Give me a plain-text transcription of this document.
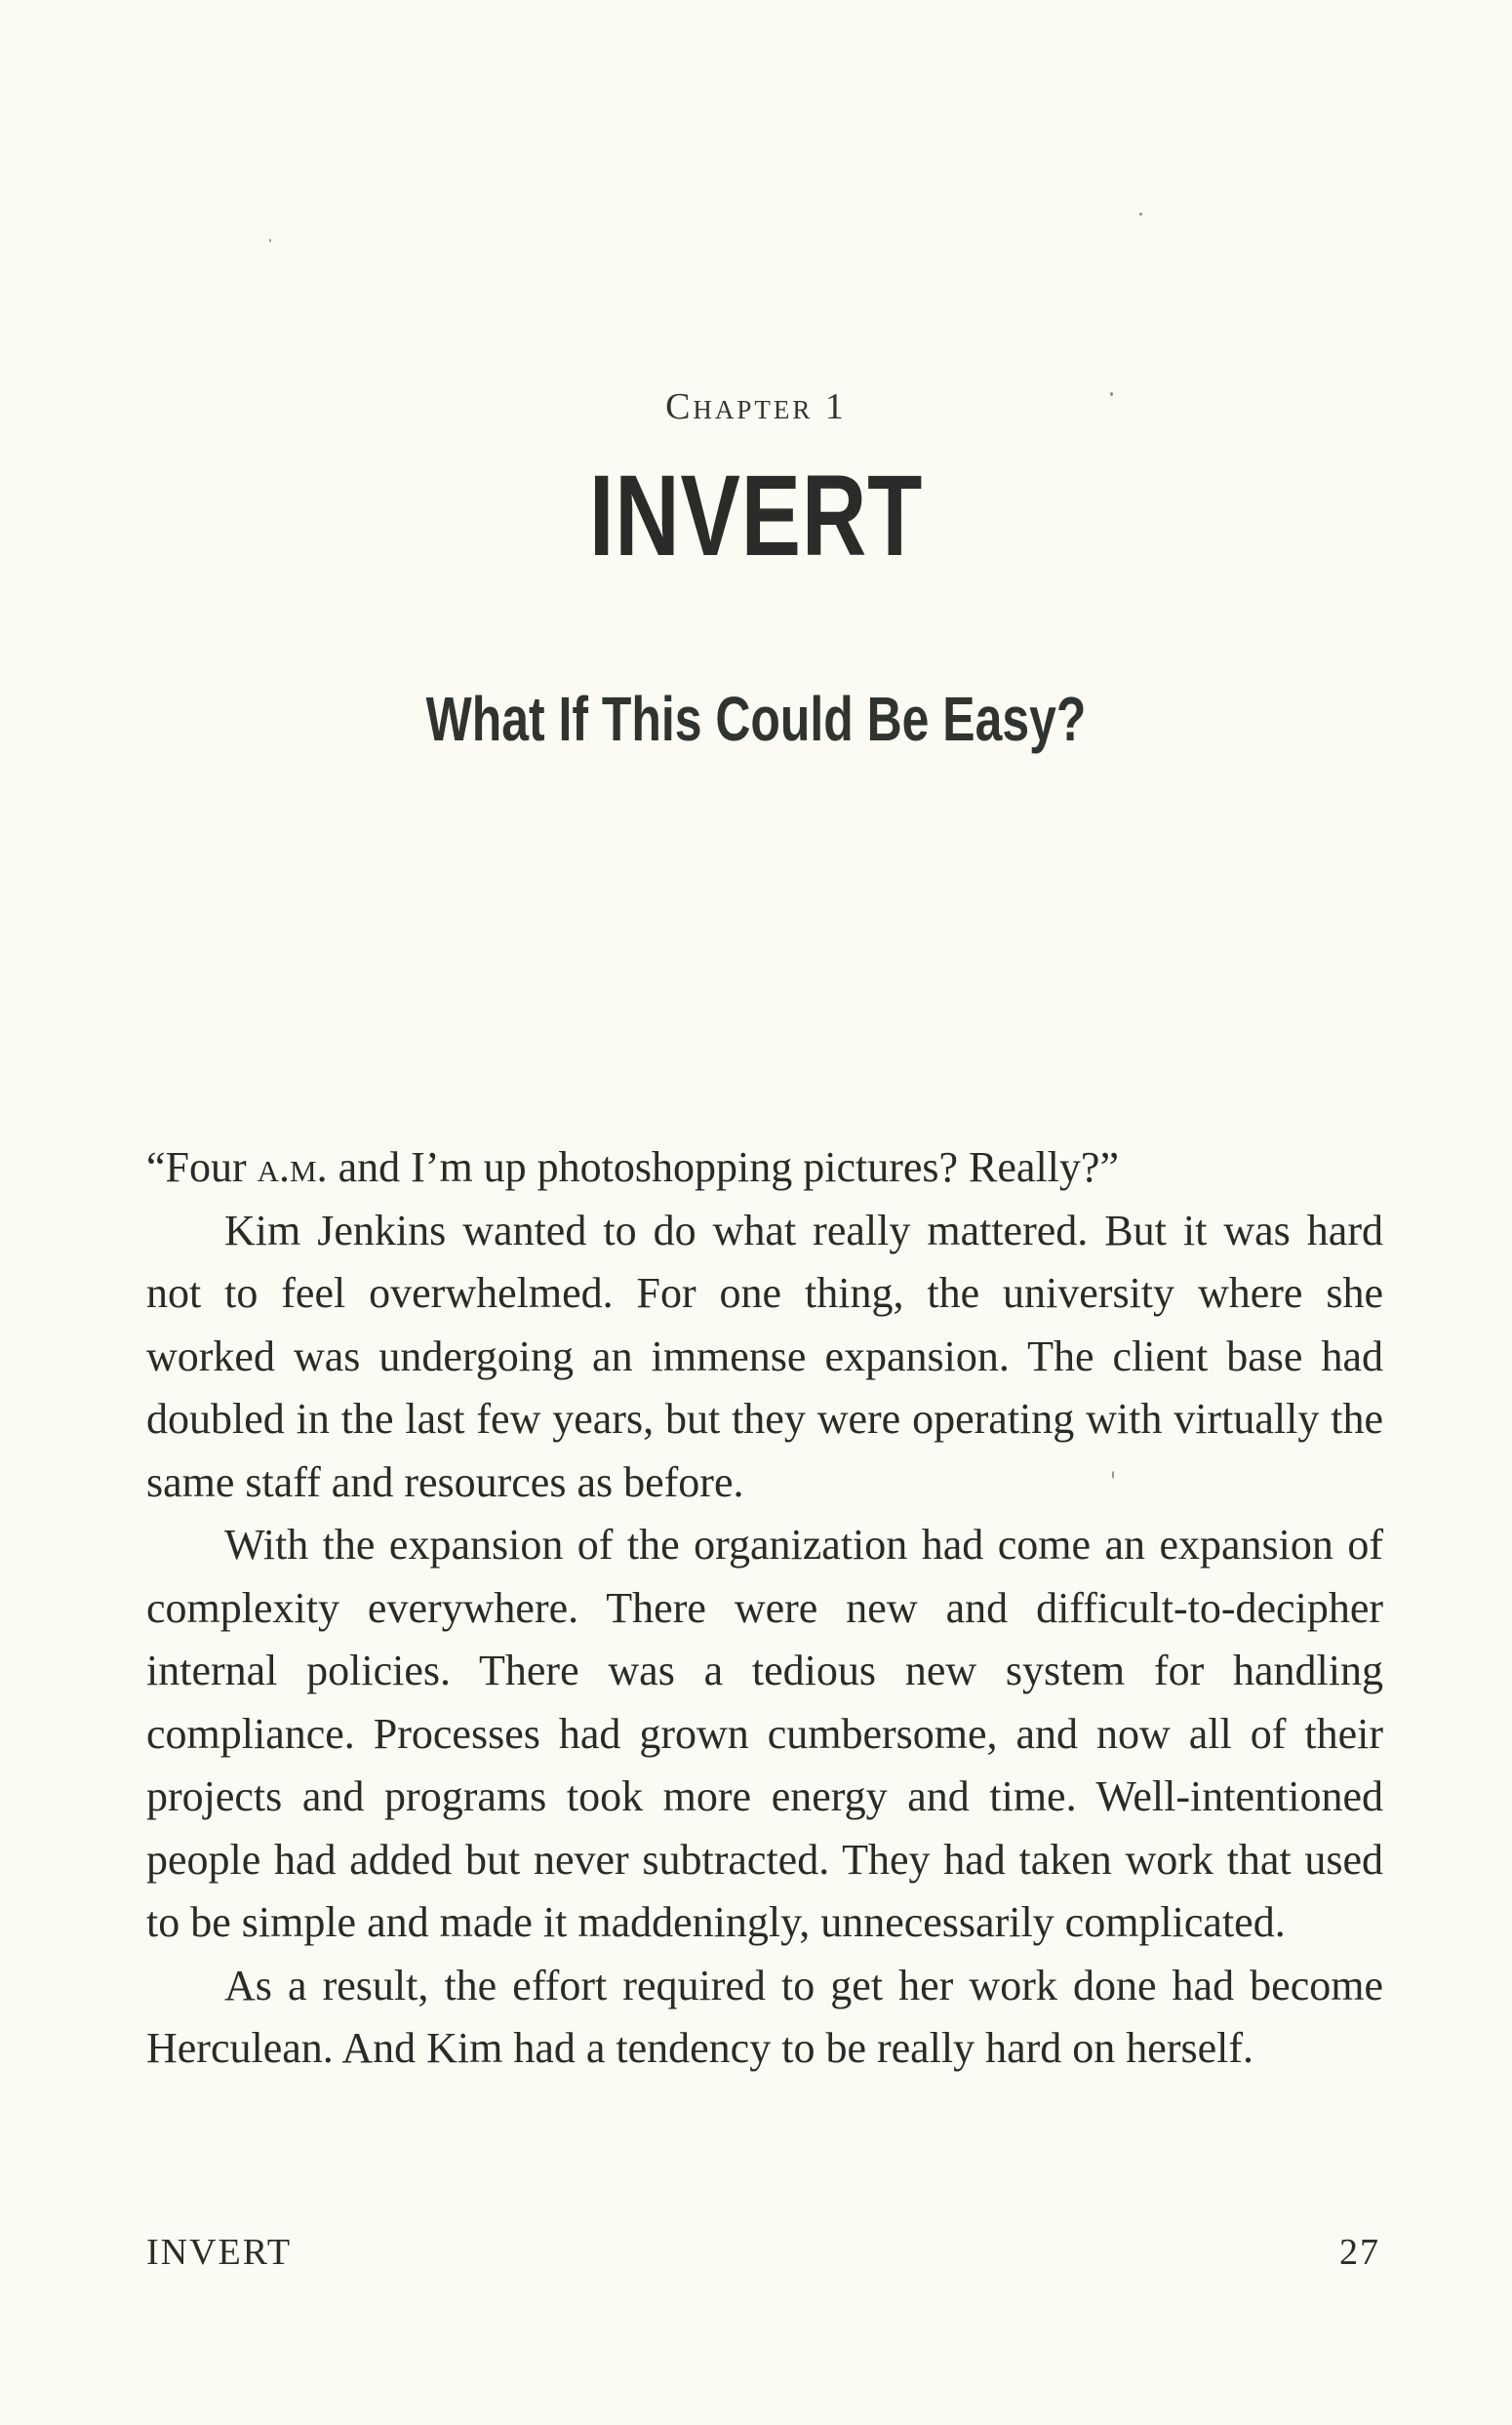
Chapter 1
INVERT
What If This Could Be Easy?

“Four a.m. and I’m up photoshopping pictures? Really?”

Kim Jenkins wanted to do what really mattered. But it was hard not to feel overwhelmed. For one thing, the university where she worked was undergoing an immense expansion. The client base had doubled in the last few years, but they were operating with virtually the same staff and resources as before.

With the expansion of the organization had come an expansion of complexity everywhere. There were new and difficult-to-decipher internal policies. There was a tedious new system for handling compliance. Processes had grown cumbersome, and now all of their projects and programs took more energy and time. Well-intentioned people had added but never subtracted. They had taken work that used to be simple and made it maddeningly, unnecessarily complicated.

As a result, the effort required to get her work done had become Herculean. And Kim had a tendency to be really hard on herself.

INVERT	27
